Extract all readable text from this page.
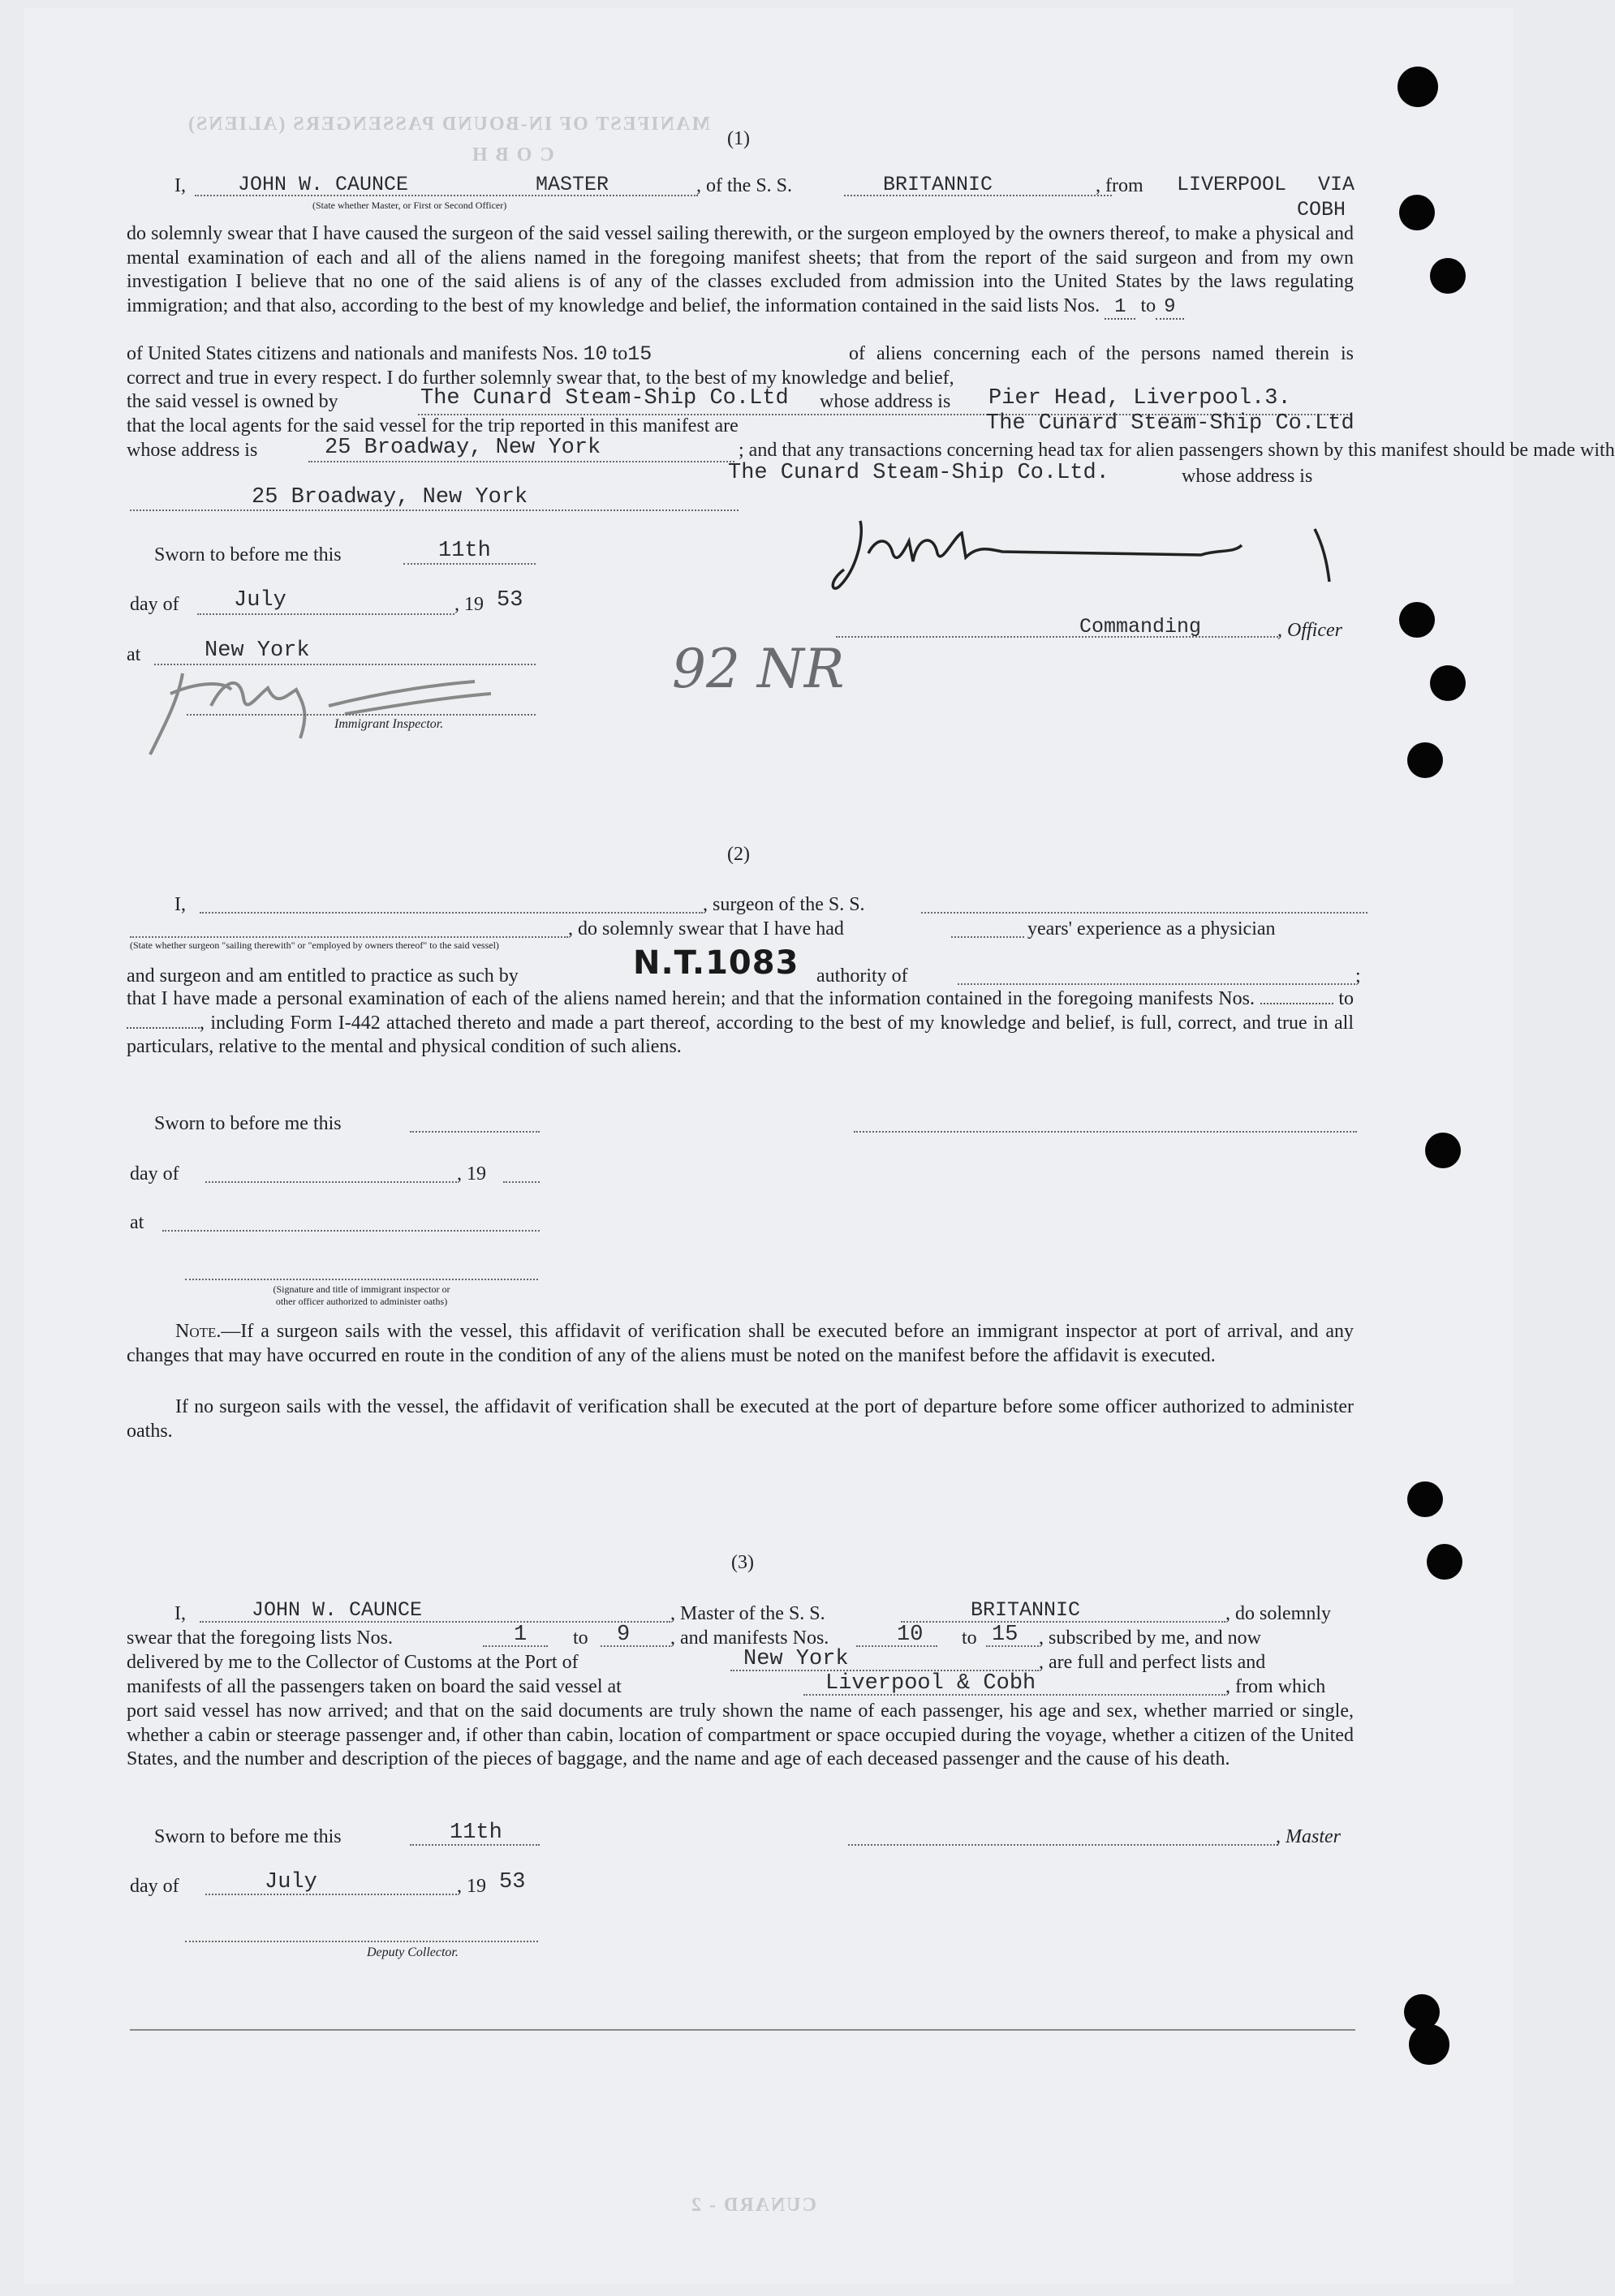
MANIFEST OF IN-BOUND PASSENGERS (ALIENS)
C O B H
CUNARD - 2
(1)
I,	JOHN W. CAUNCE	MASTER	, of the S. S.	BRITANNIC	, from LIVERPOOL VIA
COBH
(State whether Master, or First or Second Officer)
do solemnly swear that I have caused the surgeon of the said vessel sailing therewith, or the surgeon employed by the owners thereof, to make a physical and mental examination of each and all of the aliens named in the foregoing manifest sheets; that from the report of the said surgeon and from my own investigation I believe that no one of the said aliens is of any of the classes excluded from admission into the United States by the laws regulating immigration; and that also, according to the best of my knowledge and belief, the information contained in the said lists Nos. 1 to 9
of United States citizens and nationals and manifests Nos. 10 to15	of aliens concerning each of the persons named therein is correct and true in every respect. I do further solemnly swear that, to the best of my knowledge and belief,
the said vessel is owned by	The Cunard Steam-Ship Co.Ltd whose address is Pier Head, Liverpool.3.
that the local agents for the said vessel for the trip reported in this manifest are	The Cunard Steam-Ship Co.Ltd
whose address is	25 Broadway, New York	; and that any transactions concerning head tax for alien passengers shown by this manifest should be made with
The Cunard Steam-Ship Co.Ltd.	whose address is
25 Broadway, New York
Sworn to before me this	11th
day of July	, 19 53
at	New York
Immigrant Inspector.
Commanding	, Officer
92 NR
(2)
I,	, surgeon of the S. S.
, do solemnly swear that I have had	years' experience as a physician
(State whether surgeon "sailing therewith" or "employed by owners thereof" to the said vessel)
and surgeon and am entitled to practice as such by	N.T.1083 authority of	;
that I have made a personal examination of each of the aliens named herein; and that the information contained in the foregoing manifests Nos.	to, including Form I-442 attached thereto and made a part thereof, according to the best of my knowledge and belief, is full, correct, and true in all particulars, relative to the mental and physical condition of such aliens.
Sworn to before me this
day of	, 19
at
(Signature and title of immigrant inspector or
other officer authorized to administer oaths)
Note.—If a surgeon sails with the vessel, this affidavit of verification shall be executed before an immigrant inspector at port of arrival, and any changes that may have occurred en route in the condition of any of the aliens must be noted on the manifest before the affidavit is executed.
If no surgeon sails with the vessel, the affidavit of verification shall be executed at the port of departure before some officer authorized to administer oaths.
(3)
I,	JOHN W. CAUNCE	, Master of the S. S.	BRITANNIC	, do solemnly
swear that the foregoing lists Nos.	1 to 9 , and manifests Nos.	10 to 15 , subscribed by me, and now
delivered by me to the Collector of Customs at the Port of	New York	, are full and perfect lists and
manifests of all the passengers taken on board the said vessel at	Liverpool & Cobh	, from which
port said vessel has now arrived; and that on the said documents are truly shown the name of each passenger, his age and sex, whether married or single, whether a cabin or steerage passenger and, if other than cabin, location of compartment or space occupied during the voyage, whether a citizen of the United States, and the number and description of the pieces of baggage, and the name and age of each deceased passenger and the cause of his death.
Sworn to before me this	11th	, Master
day of	July	, 19 53
Deputy Collector.
